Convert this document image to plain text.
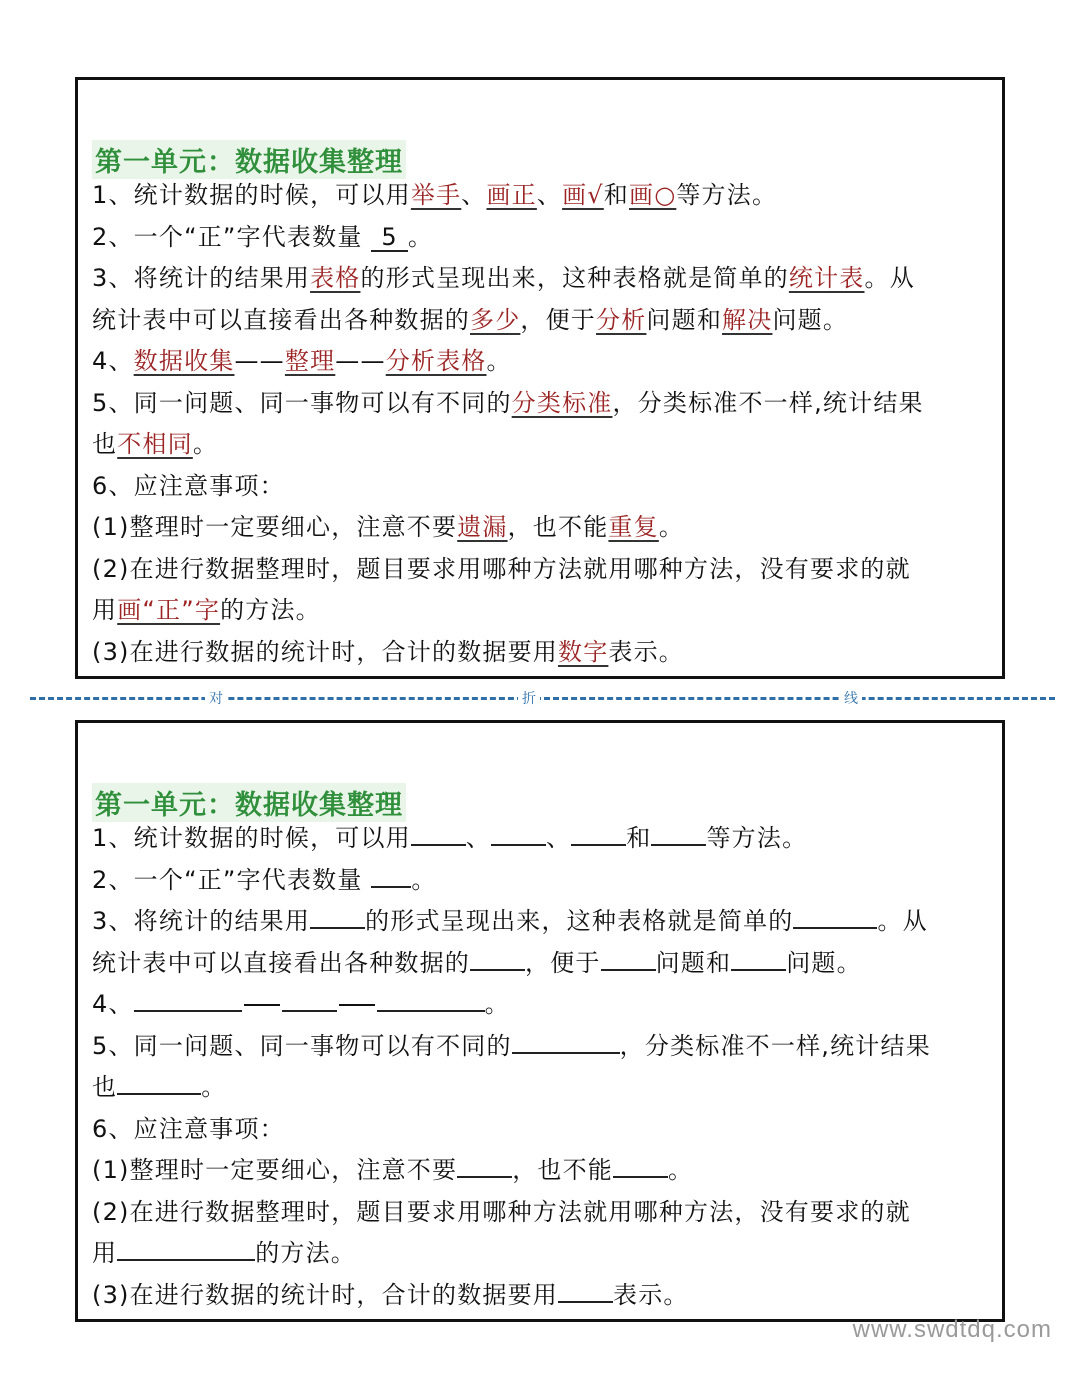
第一单元：数据收集整理
1、统计数据的时候，可以用举手、画正、画√和画○等方法。
2、一个“正”字代表数量 5 。
3、将统计的结果用表格的形式呈现出来，这种表格就是简单的统计表。从
统计表中可以直接看出各种数据的多少，便于分析问题和解决问题。
4、数据收集——整理——分析表格。
5、同一问题、同一事物可以有不同的分类标准，分类标准不一样,统计结果
也不相同。
6、应注意事项：
(1)整理时一定要细心，注意不要遗漏，也不能重复。
(2)在进行数据整理时，题目要求用哪种方法就用哪种方法，没有要求的就
用画“正”字的方法。
(3)在进行数据的统计时，合计的数据要用数字表示。
对	折	线
第一单元：数据收集整理
1、统计数据的时候，可以用 、 、 和 等方法。
2、一个“正”字代表数量 。
3、将统计的结果用 的形式呈现出来，这种表格就是简单的	。从
统计表中可以直接看出各种数据的 ，便于 问题和 问题。
4、	。
5、同一问题、同一事物可以有不同的	，分类标准不一样,统计结果
也	。
6、应注意事项：
(1)整理时一定要细心，注意不要 ，也不能 。
(2)在进行数据整理时，题目要求用哪种方法就用哪种方法，没有要求的就
用	的方法。
(3)在进行数据的统计时，合计的数据要用 表示。
www.swdtdq.com
